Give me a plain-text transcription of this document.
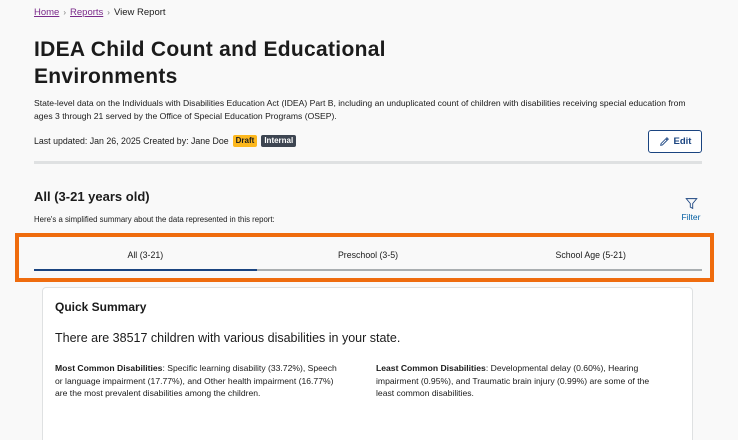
Home › Reports › View Report
IDEA Child Count and Educational Environments

State-level data on the Individuals with Disabilities Education Act (IDEA) Part B, including an unduplicated count of children with disabilities receiving special education from ages 3 through 21 served by the Office of Special Education Programs (OSEP).

Last updated: Jan 26, 2025 Created by: Jane Doe Draft	Internal	Edit
All (3-21 years old)

Here's a simplified summary about the data represented in this report:	Filter
All (3-21)	Preschool (3-5)	School Age (5-21)
Quick Summary

There are 38517 children with various disabilities in your state.

Most Common Disabilities: Specific learning disability (33.72%), Speech or language impairment (17.77%), and Other health impairment (16.77%) are the most prevalent disabilities among the children.

Least Common Disabilities: Developmental delay (0.60%), Hearing impairment (0.95%), and Traumatic brain injury (0.99%) are some of the least common disabilities.
